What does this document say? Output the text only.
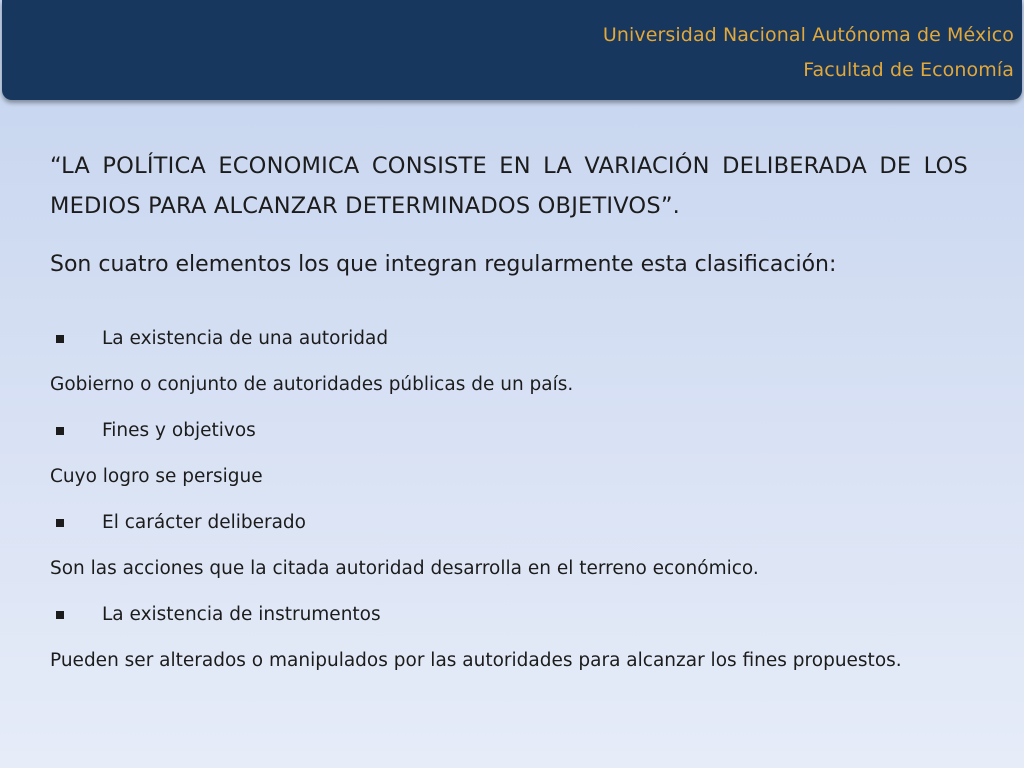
Universidad Nacional Autónoma de México
Facultad de Economía

“LA POLÍTICA ECONOMICA CONSISTE EN LA VARIACIÓN DELIBERADA DE LOS MEDIOS PARA ALCANZAR DETERMINADOS OBJETIVOS”.

Son cuatro elementos los que integran regularmente esta clasificación:

La existencia de una autoridad
Gobierno o conjunto de autoridades públicas de un país.
Fines y objetivos
Cuyo logro se persigue
El carácter deliberado
Son las acciones que la citada autoridad desarrolla en el terreno económico.
La existencia de instrumentos
Pueden ser alterados o manipulados por las autoridades para alcanzar los fines propuestos.
